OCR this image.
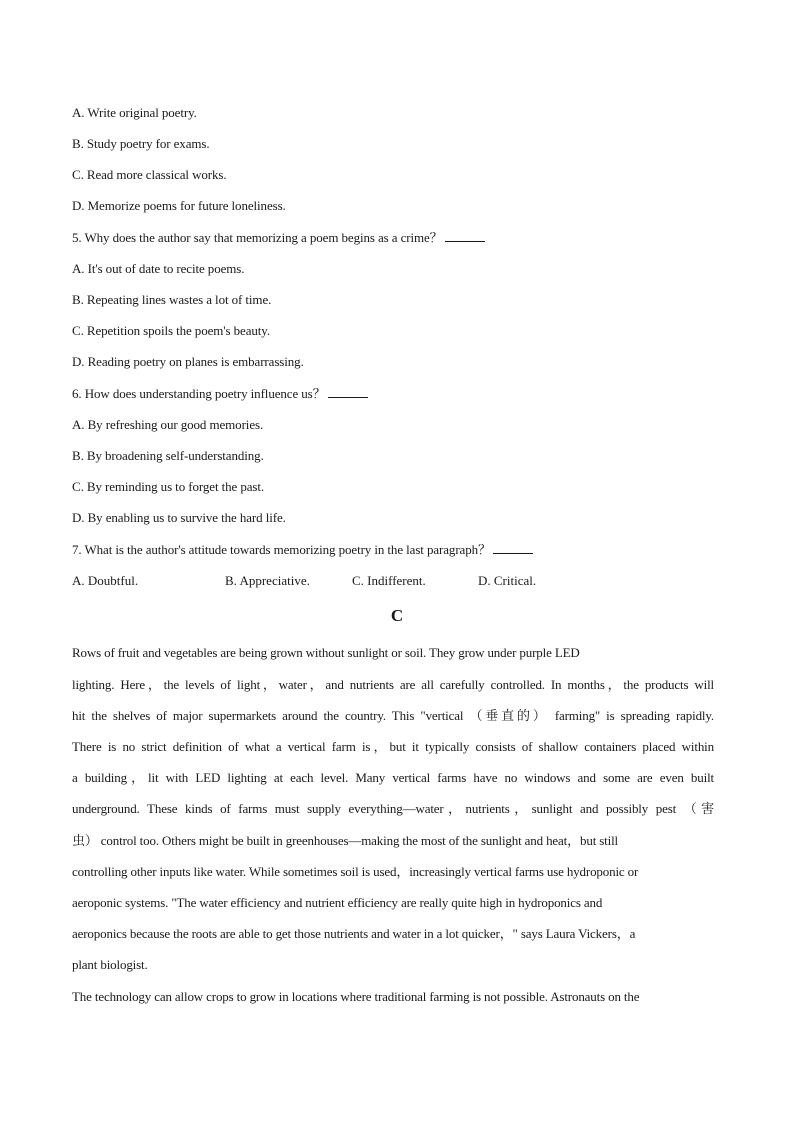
A. Write original poetry.
B. Study poetry for exams.
C. Read more classical works.
D. Memorize poems for future loneliness.
5. Why does the author say that memorizing a poem begins as a crime？
A. It's out of date to recite poems.
B. Repeating lines wastes a lot of time.
C. Repetition spoils the poem's beauty.
D. Reading poetry on planes is embarrassing.
6. How does understanding poetry influence us？
A. By refreshing our good memories.
B. By broadening self-understanding.
C. By reminding us to forget the past.
D. By enabling us to survive the hard life.
7. What is the author's attitude towards memorizing poetry in the last paragraph？
A. Doubtful.	B. Appreciative.	C. Indifferent.	D. Critical.
C
Rows of fruit and vegetables are being grown without sunlight or soil. They grow under purple LED
lighting. Here，the levels of light，water，and nutrients are all carefully controlled. In months，the products will
hit the shelves of major supermarkets around the country. This "vertical （垂直的） farming" is spreading rapidly.
There is no strict definition of what a vertical farm is，but it typically consists of shallow containers placed within
a building，lit with LED lighting at each level. Many vertical farms have no windows and some are even built
underground. These kinds of farms must supply everything—water，nutrients，sunlight and possibly pest （害
虫） control too. Others might be built in greenhouses—making the most of the sunlight and heat，but still
controlling other inputs like water. While sometimes soil is used，increasingly vertical farms use hydroponic or
aeroponic systems. "The water efficiency and nutrient efficiency are really quite high in hydroponics and
aeroponics because the roots are able to get those nutrients and water in a lot quicker，" says Laura Vickers，a
plant biologist.
The technology can allow crops to grow in locations where traditional farming is not possible. Astronauts on the
